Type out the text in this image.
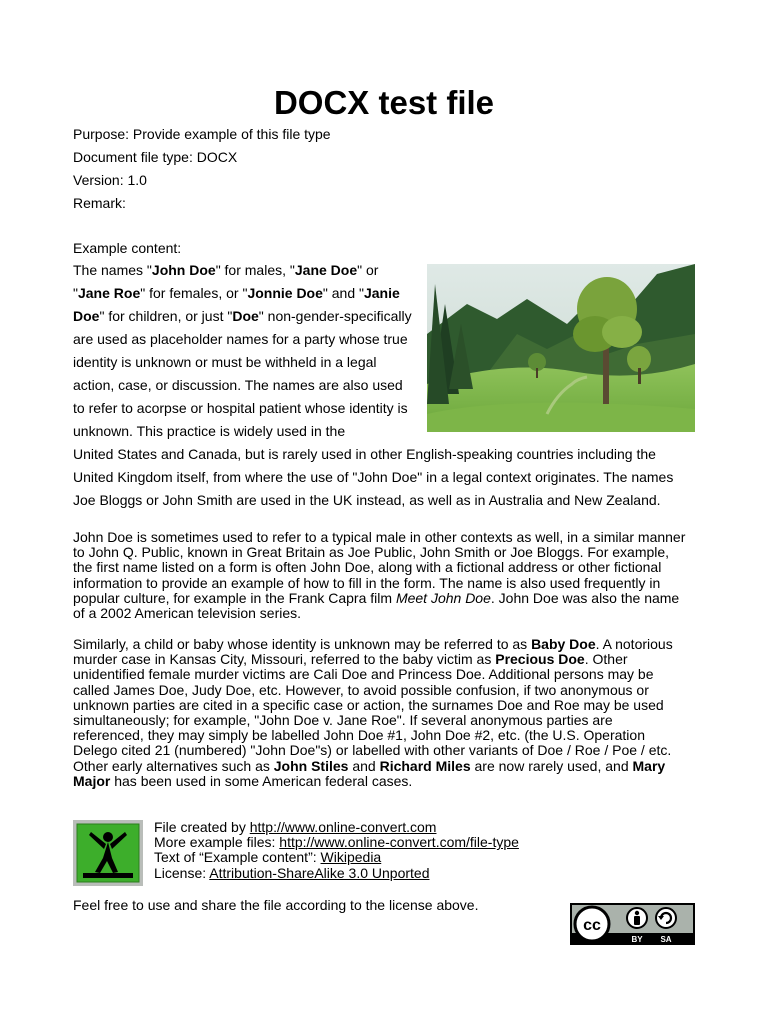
DOCX test file
Purpose: Provide example of this file type
Document file type: DOCX
Version: 1.0
Remark:
Example content:
The names "John Doe" for males, "Jane Doe" or
"Jane Roe" for females, or "Jonnie Doe" and "Janie
Doe" for children, or just "Doe" non-gender-specifically
are used as placeholder names for a party whose true
identity is unknown or must be withheld in a legal
action, case, or discussion. The names are also used
to refer to acorpse or hospital patient whose identity is
unknown. This practice is widely used in the
United States and Canada, but is rarely used in other English-speaking countries including the
United Kingdom itself, from where the use of "John Doe" in a legal context originates. The names
Joe Bloggs or John Smith are used in the UK instead, as well as in Australia and New Zealand.
John Doe is sometimes used to refer to a typical male in other contexts as well, in a similar manner
to John Q. Public, known in Great Britain as Joe Public, John Smith or Joe Bloggs. For example,
the first name listed on a form is often John Doe, along with a fictional address or other fictional
information to provide an example of how to fill in the form. The name is also used frequently in
popular culture, for example in the Frank Capra film Meet John Doe. John Doe was also the name
of a 2002 American television series.
Similarly, a child or baby whose identity is unknown may be referred to as Baby Doe. A notorious
murder case in Kansas City, Missouri, referred to the baby victim as Precious Doe. Other
unidentified female murder victims are Cali Doe and Princess Doe. Additional persons may be
called James Doe, Judy Doe, etc. However, to avoid possible confusion, if two anonymous or
unknown parties are cited in a specific case or action, the surnames Doe and Roe may be used
simultaneously; for example, "John Doe v. Jane Roe". If several anonymous parties are
referenced, they may simply be labelled John Doe #1, John Doe #2, etc. (the U.S. Operation
Delego cited 21 (numbered) "John Doe"s) or labelled with other variants of Doe / Roe / Poe / etc.
Other early alternatives such as John Stiles and Richard Miles are now rarely used, and Mary
Major has been used in some American federal cases.
File created by http://www.online-convert.com
More example files: http://www.online-convert.com/file-type
Text of “Example content”: Wikipedia
License: Attribution-ShareAlike 3.0 Unported
Feel free to use and share the file according to the license above.
cc
BY SA
